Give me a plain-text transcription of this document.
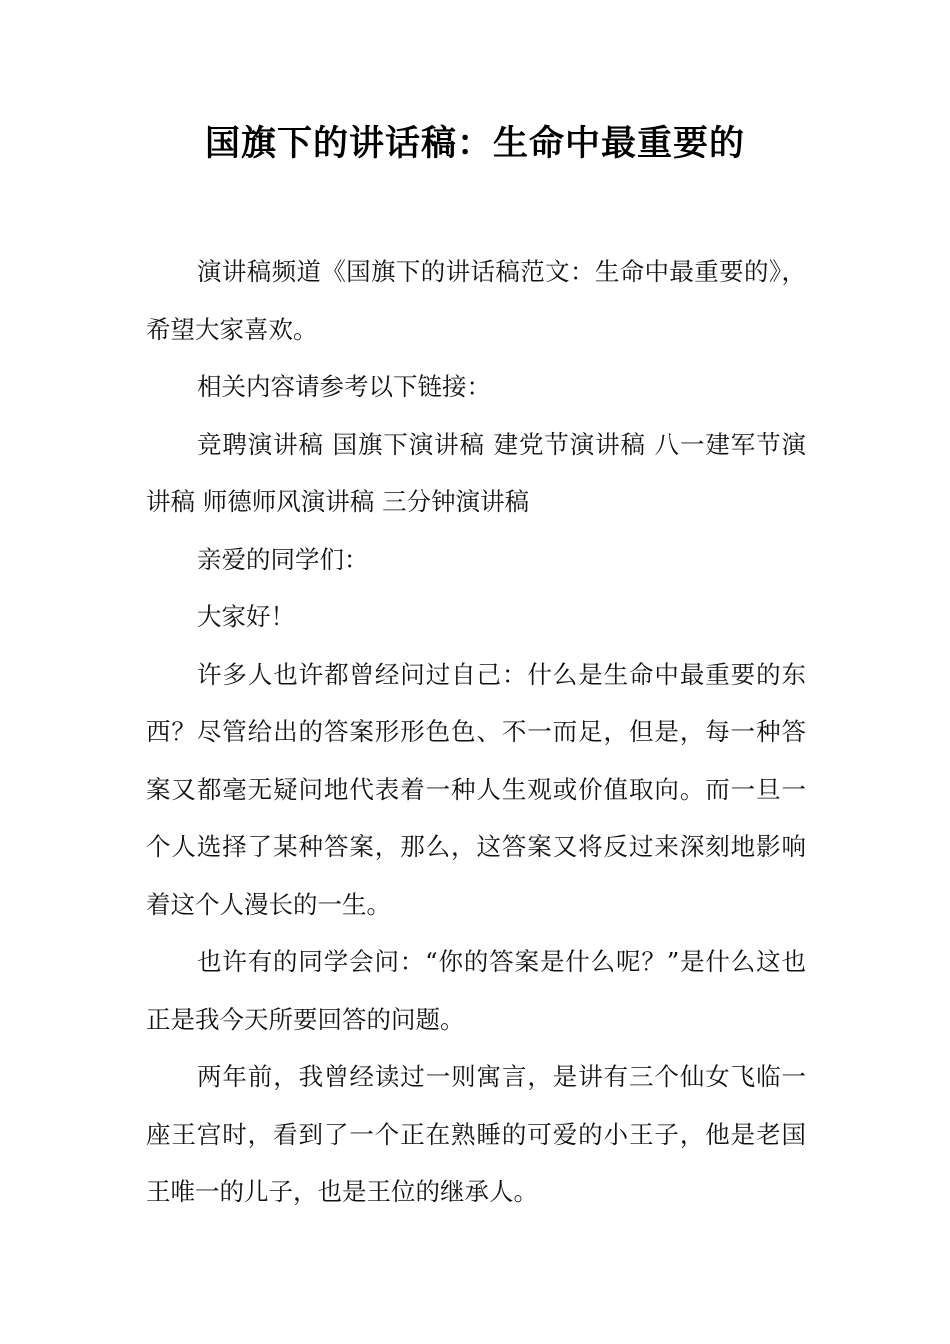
国旗下的讲话稿：生命中最重要的

演讲稿频道《国旗下的讲话稿范文：生命中最重要的》，希望大家喜欢。

相关内容请参考以下链接：

竞聘演讲稿 国旗下演讲稿 建党节演讲稿 八一建军节演讲稿 师德师风演讲稿 三分钟演讲稿

亲爱的同学们：

大家好！

许多人也许都曾经问过自己：什么是生命中最重要的东西？尽管给出的答案形形色色、不一而足，但是，每一种答案又都毫无疑问地代表着一种人生观或价值取向。而一旦一个人选择了某种答案，那么，这答案又将反过来深刻地影响着这个人漫长的一生。

也许有的同学会问：“你的答案是什么呢？”是什么这也正是我今天所要回答的问题。

两年前，我曾经读过一则寓言，是讲有三个仙女飞临一座王宫时，看到了一个正在熟睡的可爱的小王子，他是老国王唯一的儿子，也是王位的继承人。
